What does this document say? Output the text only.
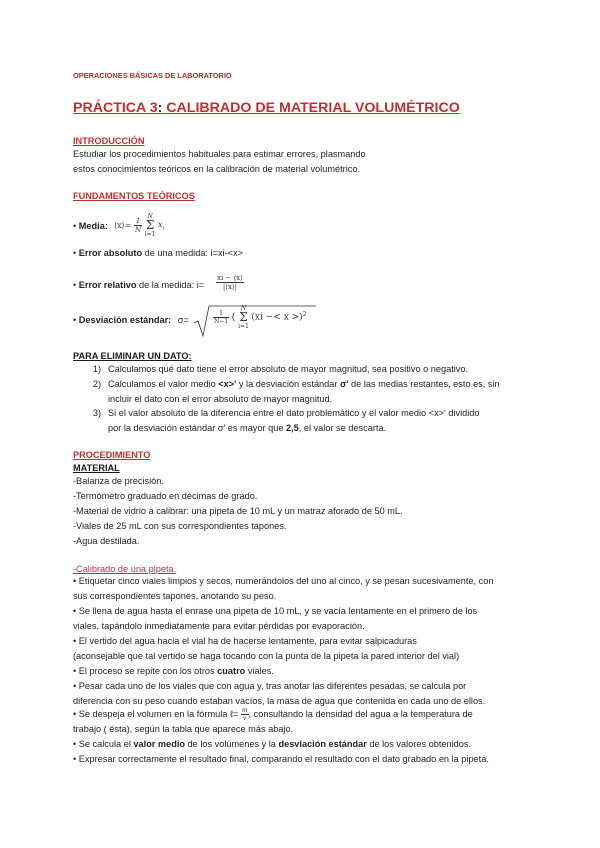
OPERACIONES BÁSICAS DE LABORATORIO
PRÁCTICA 3: CALIBRADO DE MATERIAL VOLUMÉTRICO
INTRODUCCIÓN
Estudiar los procedimientos habituales para estimar errores, plasmando
estos conocimientos teóricos en la calibración de material volumétrico.
FUNDAMENTOS TEÓRICOS
• Media: ⟨x⟩= $\frac{1}{N}$

N
Σ
i=1
$x_i$
• Error absoluto de una medida: i=xi-<x>
• Error relativo de la medida: $i= \frac{xi - ⟨x⟩}{|⟨x⟩|}$
• Desviación estándar: σ=	$\frac{1}{N-1}$ (
N
Σ
i=1
(xi −< x >)$^2$
PARA ELIMINAR UN DATO:
1) Calculamos qué dato tiene el error absoluto de mayor magnitud, sea positivo o negativo.
2) Calculamos el valor medio <x>' y la desviación estándar σ' de las medias restantes, esto es, sin
incluir el dato con el error absoluto de mayor magnitud.
3) Si el valor absoluto de la diferencia entre el dato problemático y el valor medio <x>' dividido
por la desviación estándar σ' es mayor que 2,5, el valor se descarta.
PROCEDIMIENTO
MATERIAL
-Balanza de precisión.
-Termómetro graduado en décimas de grado.
-Material de vidrio a calibrar: una pipeta de 10 mL y un matraz aforado de 50 mL.
-Viales de 25 mL con sus correspondientes tapones.
-Agua destilada.
-Calibrado de una pipeta.
• Etiquetar cinco viales limpios y secos, numerándolos del uno al cinco, y se pesan sucesivamente, con
sus correspondientes tapones, anotando su peso.
• Se llena de agua hasta el enrase una pipeta de 10 mL, y se vacía lentamente en el primero de los
viales, tapándolo inmediatamente para evitar pérdidas por evaporación.
• El vertido del agua hacia el vial ha de hacerse lentamente, para evitar salpicaduras
(aconsejable que tal vertido se haga tocando con la punta de la pipeta la pared interior del vial)
• El proceso se repite con los otros cuatro viales.
• Pesar cada uno de los viales que con agua y, tras anotar las diferentes pesadas, se calcula por
diferencia con su peso cuando estaban vacíos, la masa de agua que contenida en cada uno de ellos.
• Se despeja el volumen en la fórmula ℓ= $\frac{m}{v}$ , consultando la densidad del agua a la temperatura de
trabajo ( ésta), según la tabla que aparece más abajo.
• Se calcula el valor medio de los volúmenes y la desviación estándar de los valores obtenidos.
• Expresar correctamente el resultado final, comparando el resultado con el dato grabado en la pipeta.
